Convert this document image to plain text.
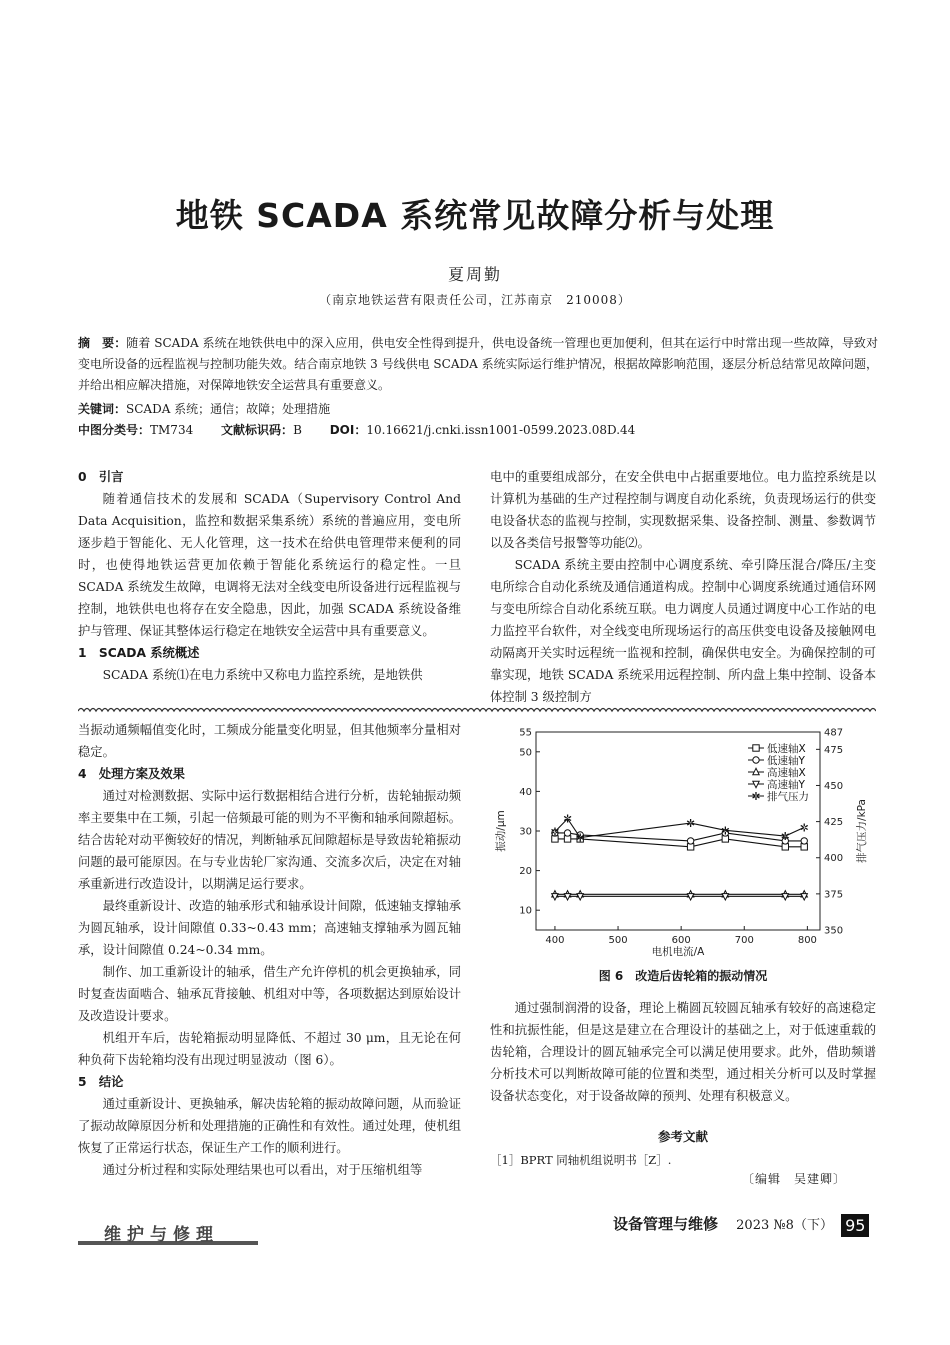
地铁 SCADA 系统常见故障分析与处理
夏周勤
（南京地铁运营有限责任公司，江苏南京　210008）
摘　要：随着 SCADA 系统在地铁供电中的深入应用，供电安全性得到提升，供电设备统一管理也更加便利，但其在运行中时常出现一些故障，导致对变电所设备的远程监视与控制功能失效。结合南京地铁 3 号线供电 SCADA 系统实际运行维护情况，根据故障影响范围，逐层分析总结常见故障问题，并给出相应解决措施，对保障地铁安全运营具有重要意义。
关键词：SCADA 系统；通信；故障；处理措施
中图分类号：TM734 文献标识码：B DOI：10.16621/j.cnki.issn1001-0599.2023.08D.44

0　引言

随着通信技术的发展和 SCADA（Supervisory Control And Data Acquisition，监控和数据采集系统）系统的普遍应用，变电所逐步趋于智能化、无人化管理，这一技术在给供电管理带来便利的同时，也使得地铁运营更加依赖于智能化系统运行的稳定性。一旦 SCADA 系统发生故障，电调将无法对全线变电所设备进行远程监视与控制，地铁供电也将存在安全隐患，因此，加强 SCADA 系统设备维护与管理、保证其整体运行稳定在地铁安全运营中具有重要意义。

1　SCADA 系统概述

SCADA 系统⑴在电力系统中又称电力监控系统，是地铁供

电中的重要组成部分，在安全供电中占据重要地位。电力监控系统是以计算机为基础的生产过程控制与调度自动化系统，负责现场运行的供变电设备状态的监视与控制，实现数据采集、设备控制、测量、参数调节以及各类信号报警等功能⑵。

SCADA 系统主要由控制中心调度系统、牵引降压混合/降压/主变电所综合自动化系统及通信通道构成。控制中心调度系统通过通信环网与变电所综合自动化系统互联。电力调度人员通过调度中心工作站的电力监控平台软件，对全线变电所现场运行的高压供变电设备及接触网电动隔离开关实时远程统一监视和控制，确保供电安全。为确保控制的可靠实现，地铁 SCADA 系统采用远程控制、所内盘上集中控制、设备本体控制 3 级控制方

当振动通频幅值变化时，工频成分能量变化明显，但其他频率分量相对稳定。

4　处理方案及效果

通过对检测数据、实际中运行数据相结合进行分析，齿轮轴振动频率主要集中在工频，引起一倍频最可能的则为不平衡和轴承间隙超标。结合齿轮对动平衡较好的情况，判断轴承瓦间隙超标是导致齿轮箱振动问题的最可能原因。在与专业齿轮厂家沟通、交流多次后，决定在对轴承重新进行改造设计，以期满足运行要求。

最终重新设计、改造的轴承形式和轴承设计间隙，低速轴支撑轴承为圆瓦轴承，设计间隙值 0.33~0.43 mm；高速轴支撑轴承为圆瓦轴承，设计间隙值 0.24~0.34 mm。

制作、加工重新设计的轴承，借生产允许停机的机会更换轴承，同时复查齿面啮合、轴承瓦背接触、机组对中等，各项数据达到原始设计及改造设计要求。

机组开车后，齿轮箱振动明显降低、不超过 30 μm，且无论在何种负荷下齿轮箱均没有出现过明显波动（图 6）。

5　结论

通过重新设计、更换轴承，解决齿轮箱的振动故障问题，从而验证了振动故障原因分析和处理措施的正确性和有效性。通过处理，使机组恢复了正常运行状态，保证生产工作的顺利进行。

通过分析过程和实际处理结果也可以看出，对于压缩机组等

400	500	600	700	800
10
20
30
40
50
55
350
375
400
425
450
475
487
电机电流/A
振动/μm	排气压力/kPa
✲
✲
✲
✲
✲	✲
✲
低速轴X
低速轴Y
高速轴X
高速轴Y
✲ 排气压力
图 6　改造后齿轮箱的振动情况

通过强制润滑的设备，理论上椭圆瓦较圆瓦轴承有较好的高速稳定性和抗振性能，但是这是建立在合理设计的基础之上，对于低速重载的齿轮箱，合理设计的圆瓦轴承完全可以满足使用要求。此外，借助频谱分析技术可以判断故障可能的位置和类型，通过相关分析可以及时掌握设备状态变化，对于设备故障的预判、处理有积极意义。

参考文献
［1］BPRT 同轴机组说明书［Z］.
〔编辑　吴建卿〕
维护与修理
设备管理与维修 2023 №8（下） 95
